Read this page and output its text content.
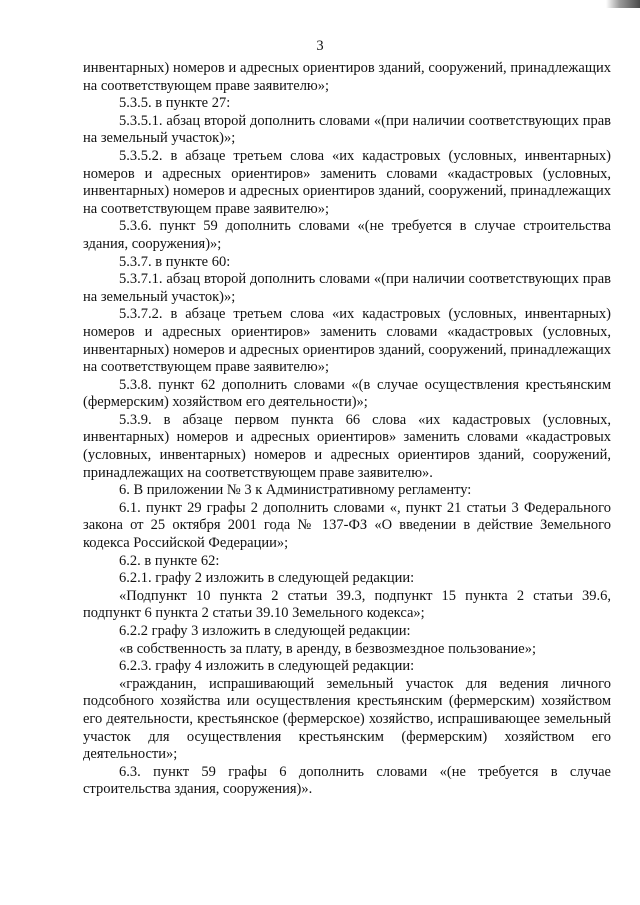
3

инвентарных) номеров и адресных ориентиров зданий, сооружений, принадлежащих на соответствующем праве заявителю»;

5.3.5. в пункте 27:

5.3.5.1. абзац второй дополнить словами «(при наличии соответствующих прав на земельный участок)»;

5.3.5.2. в абзаце третьем слова «их кадастровых (условных, инвентарных) номеров и адресных ориентиров» заменить словами «кадастровых (условных, инвентарных) номеров и адресных ориентиров зданий, сооружений, принадлежащих на соответствующем праве заявителю»;

5.3.6. пункт 59 дополнить словами «(не требуется в случае строительства здания, сооружения)»;

5.3.7. в пункте 60:

5.3.7.1. абзац второй дополнить словами «(при наличии соответствующих прав на земельный участок)»;

5.3.7.2. в абзаце третьем слова «их кадастровых (условных, инвентарных) номеров и адресных ориентиров» заменить словами «кадастровых (условных, инвентарных) номеров и адресных ориентиров зданий, сооружений, принадлежащих на соответствующем праве заявителю»;

5.3.8. пункт 62 дополнить словами «(в случае осуществления крестьянским (фермерским) хозяйством его деятельности)»;

5.3.9. в абзаце первом пункта 66 слова «их кадастровых (условных, инвентарных) номеров и адресных ориентиров» заменить словами «кадастровых (условных, инвентарных) номеров и адресных ориентиров зданий, сооружений, принадлежащих на соответствующем праве заявителю».

6. В приложении № 3 к Административному регламенту:

6.1. пункт 29 графы 2 дополнить словами «, пункт 21 статьи 3 Федерального закона от 25 октября 2001 года № 137-ФЗ «О введении в действие Земельного кодекса Российской Федерации»;

6.2. в пункте 62:

6.2.1. графу 2 изложить в следующей редакции:

«Подпункт 10 пункта 2 статьи 39.3, подпункт 15 пункта 2 статьи 39.6, подпункт 6 пункта 2 статьи 39.10 Земельного кодекса»;

6.2.2 графу 3 изложить в следующей редакции:

«в собственность за плату, в аренду, в безвозмездное пользование»;

6.2.3. графу 4 изложить в следующей редакции:

«гражданин, испрашивающий земельный участок для ведения личного подсобного хозяйства или осуществления крестьянским (фермерским) хозяйством его деятельности, крестьянское (фермерское) хозяйство, испрашивающее земельный участок для осуществления крестьянским (фермерским) хозяйством его деятельности»;

6.3. пункт 59 графы 6 дополнить словами «(не требуется в случае строительства здания, сооружения)».
